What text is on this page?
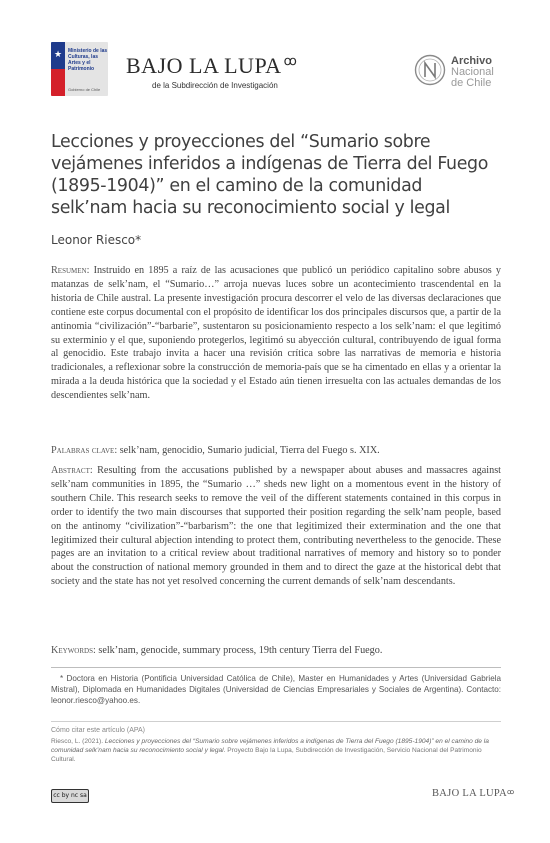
★ Ministerio de las Culturas, las Artes y el Patrimonio
Gobierno de Chile
BAJO LA LUPA $^ꝏ$
de la Subdirección de Investigación
Archivo
Nacional
de Chile
Lecciones y proyecciones del “Sumario sobre vejámenes inferidos a indígenas de Tierra del Fuego (1895-1904)” en el camino de la comunidad selk’nam hacia su reconocimiento social y legal
Leonor Riesco*

Resumen: Instruido en 1895 a raíz de las acusaciones que publicó un periódico capitalino sobre abusos y matanzas de selk’nam, el “Sumario…” arroja nuevas luces sobre un acontecimiento trascendental en la historia de Chile austral. La presente investigación procura descorrer el velo de las diversas declaraciones que contiene este corpus documental con el propósito de identificar los dos principales discursos que, a partir de la antinomia “civilización”-“barbarie”, sustentaron su posicionamiento respecto a los selk’nam: el que legitimó su exterminio y el que, suponiendo protegerlos, legitimó su abyección cultural, contribuyendo de igual forma al genocidio. Este trabajo invita a hacer una revisión crítica sobre las narrativas de memoria e historia tradicionales, a reflexionar sobre la construcción de memoria-país que se ha cimentado en ellas y a orientar la mirada a la deuda histórica que la sociedad y el Estado aún tienen irresuelta con las actuales demandas de los descendientes selk’nam.

Palabras clave: selk’nam, genocidio, Sumario judicial, Tierra del Fuego s. XIX.

Abstract: Resulting from the accusations published by a newspaper about abuses and massacres against selk’nam communities in 1895, the “Sumario …” sheds new light on a momentous event in the history of southern Chile. This research seeks to remove the veil of the different statements contained in this corpus in order to identify the two main discourses that supported their position regarding the selk’nam people, based on the antinomy “civilization”-“barbarism”: the one that legitimized their extermination and the one that legitimized their cultural abjection intending to protect them, contributing nevertheless to the genocide. These pages are an invitation to a critical review about traditional narratives of memory and history so to ponder about the construction of national memory grounded in them and to direct the gaze at the historical debt that society and the state has not yet resolved concerning the current demands of selk’nam descendants.

Keywords: selk’nam, genocide, summary process, 19th century Tierra del Fuego.

* Doctora en Historia (Pontificia Universidad Católica de Chile), Master en Humanidades y Artes (Universidad Gabriela Mistral), Diplomada en Humanidades Digitales (Universidad de Ciencias Empresariales y Sociales de Argentina). Contacto: leonor.riesco@yahoo.es.

Cómo citar este artículo (APA)

Riesco, L. (2021). Lecciones y proyecciones del “Sumario sobre vejámenes inferidos a indígenas de Tierra del Fuego (1895-1904)” en el camino de la comunidad selk’nam hacia su reconocimiento social y legal. Proyecto Bajo la Lupa, Subdirección de Investigación, Servicio Nacional del Patrimonio Cultural.

cc by nc sa	BAJO LA $LUPA^ꝏ$
